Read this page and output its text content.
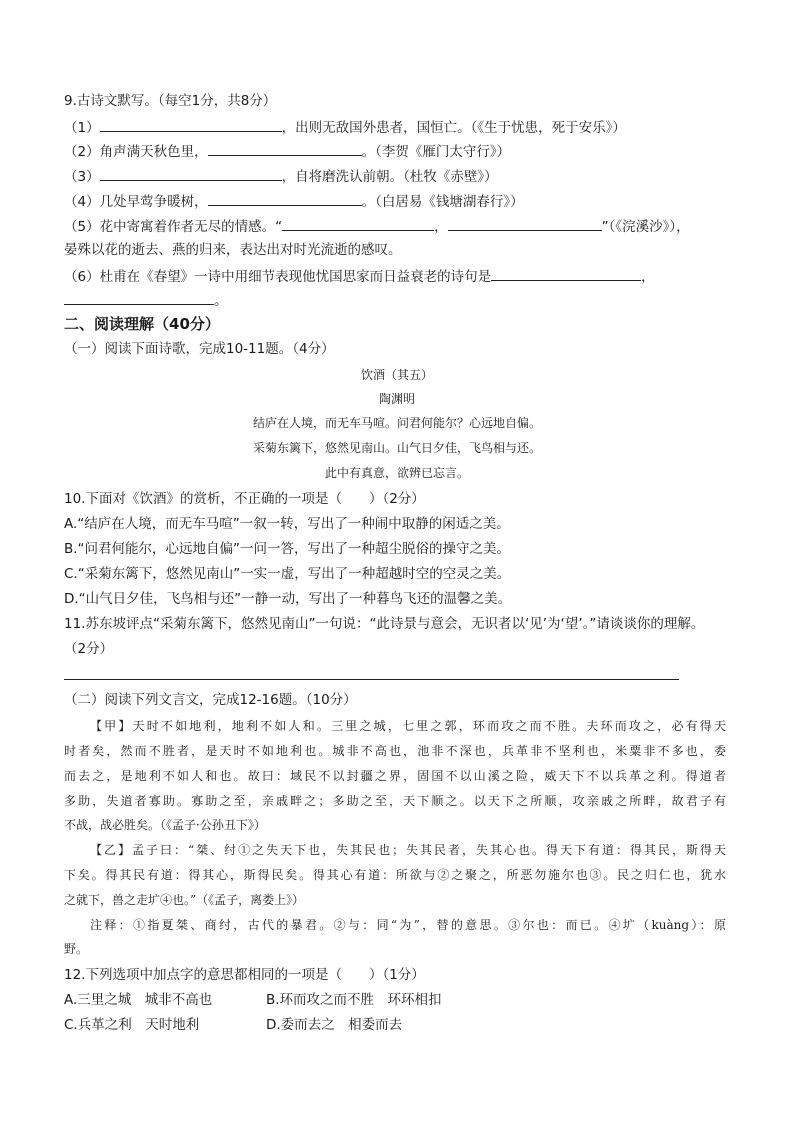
9.古诗文默写。（每空1分，共8分）
（1）	，出则无敌国外患者，国恒亡。（《生于忧患，死于安乐》）
（2）角声满天秋色里，	。（李贺《雁门太守行》）
（3）	，自将磨洗认前朝。（杜牧《赤壁》）
（4）几处早莺争暖树，	。（白居易《钱塘湖春行》）
（5）花中寄寓着作者无尽的情感。“	，	”（《浣溪沙》），
晏殊以花的逝去、燕的归来，表达出对时光流逝的感叹。
（6）杜甫在《春望》一诗中用细节表现他忧国思家而日益衰老的诗句是	，
。
二、阅读理解（40分）
（一）阅读下面诗歌，完成10-11题。（4分）
饮酒（其五）
陶渊明
结庐在人境，而无车马喧。问君何能尔？心远地自偏。
采菊东篱下，悠然见南山。山气日夕佳，飞鸟相与还。
此中有真意，欲辨已忘言。
10.下面对《饮酒》的赏析，不正确的一项是（　　）（2分）
A.“结庐在人境，而无车马喧”一叙一转，写出了一种闹中取静的闲适之美。
B.“问君何能尔，心远地自偏”一问一答，写出了一种超尘脱俗的操守之美。
C.“采菊东篱下，悠然见南山”一实一虚，写出了一种超越时空的空灵之美。
D.“山气日夕佳，飞鸟相与还”一静一动，写出了一种暮鸟飞还的温馨之美。
11.苏东坡评点“采菊东篱下，悠然见南山”一句说：“此诗景与意会，无识者以‘见’为‘望’。”请谈谈你的理解。
（2分）
（二）阅读下列文言文，完成12-16题。（10分）
【甲】天时不如地利，地利不如人和。三里之城，七里之郭，环而攻之而不胜。夫环而攻之，必有得天
时者矣，然而不胜者，是天时不如地利也。城非不高也，池非不深也，兵革非不坚利也，米粟非不多也，委
而去之，是地利不如人和也。故曰：域民不以封疆之界，固国不以山溪之险，威天下不以兵革之利。得道者
多助，失道者寡助。寡助之至，亲戚畔之；多助之至，天下顺之。以天下之所顺，攻亲戚之所畔，故君子有
不战，战必胜矣。（《孟子·公孙丑下》）
【乙】孟子曰：“桀、纣①之失天下也，失其民也；失其民者，失其心也。得天下有道：得其民，斯得天
下矣。得其民有道：得其心，斯得民矣。得其心有道：所欲与②之聚之，所恶勿施尔也③。民之归仁也，犹水
之就下，兽之走圹④也。”（《孟子，离娄上》）
注释：①指夏桀、商纣，古代的暴君。②与：同“为”，替的意思。③尔也：而已。④圹（kuàng）：原
野。
12.下列选项中加点字的意思都相同的一项是（　　）（1分）
A.三里之城　城非不高也	B.环而攻之而不胜　环环相扣
C.兵革之利　天时地利	D.委而去之　相委而去
